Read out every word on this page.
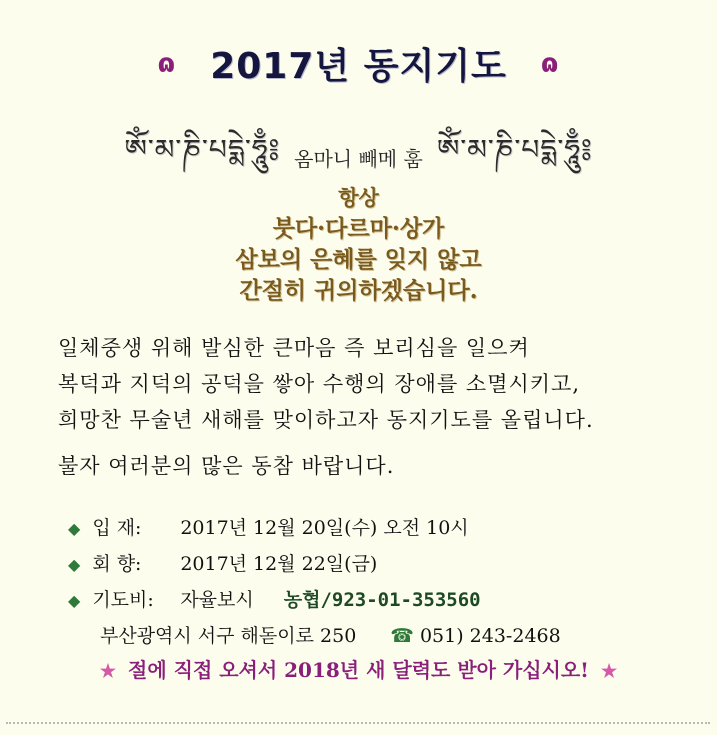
ɷ 2017년 동지기도 ɷ
ཨོཾ་མ་ཎི་པདྨེ་ཧཱུྃ༔ 옴마니 빼메 훔 ཨོཾ་མ་ཎི་པདྨེ་ཧཱུྃ༔
항상
붓다·다르마·상가
삼보의 은혜를 잊지 않고
간절히 귀의하겠습니다.
일체중생 위해 발심한 큰마음 즉 보리심을 일으켜
복덕과 지덕의 공덕을 쌓아 수행의 장애를 소멸시키고,
희망찬 무술년 새해를 맞이하고자 동지기도를 올립니다.
불자 여러분의 많은 동참 바랍니다.
◆ 입 재: 2017년 12월 20일(수) 오전 10시
◆ 회 향: 2017년 12월 22일(금)
◆ 기도비: 자율보시 농협/923-01-353560
부산광역시 서구 해돋이로 250 ☎ 051) 243-2468
★ 절에 직접 오셔서 2018년 새 달력도 받아 가십시오! ★
